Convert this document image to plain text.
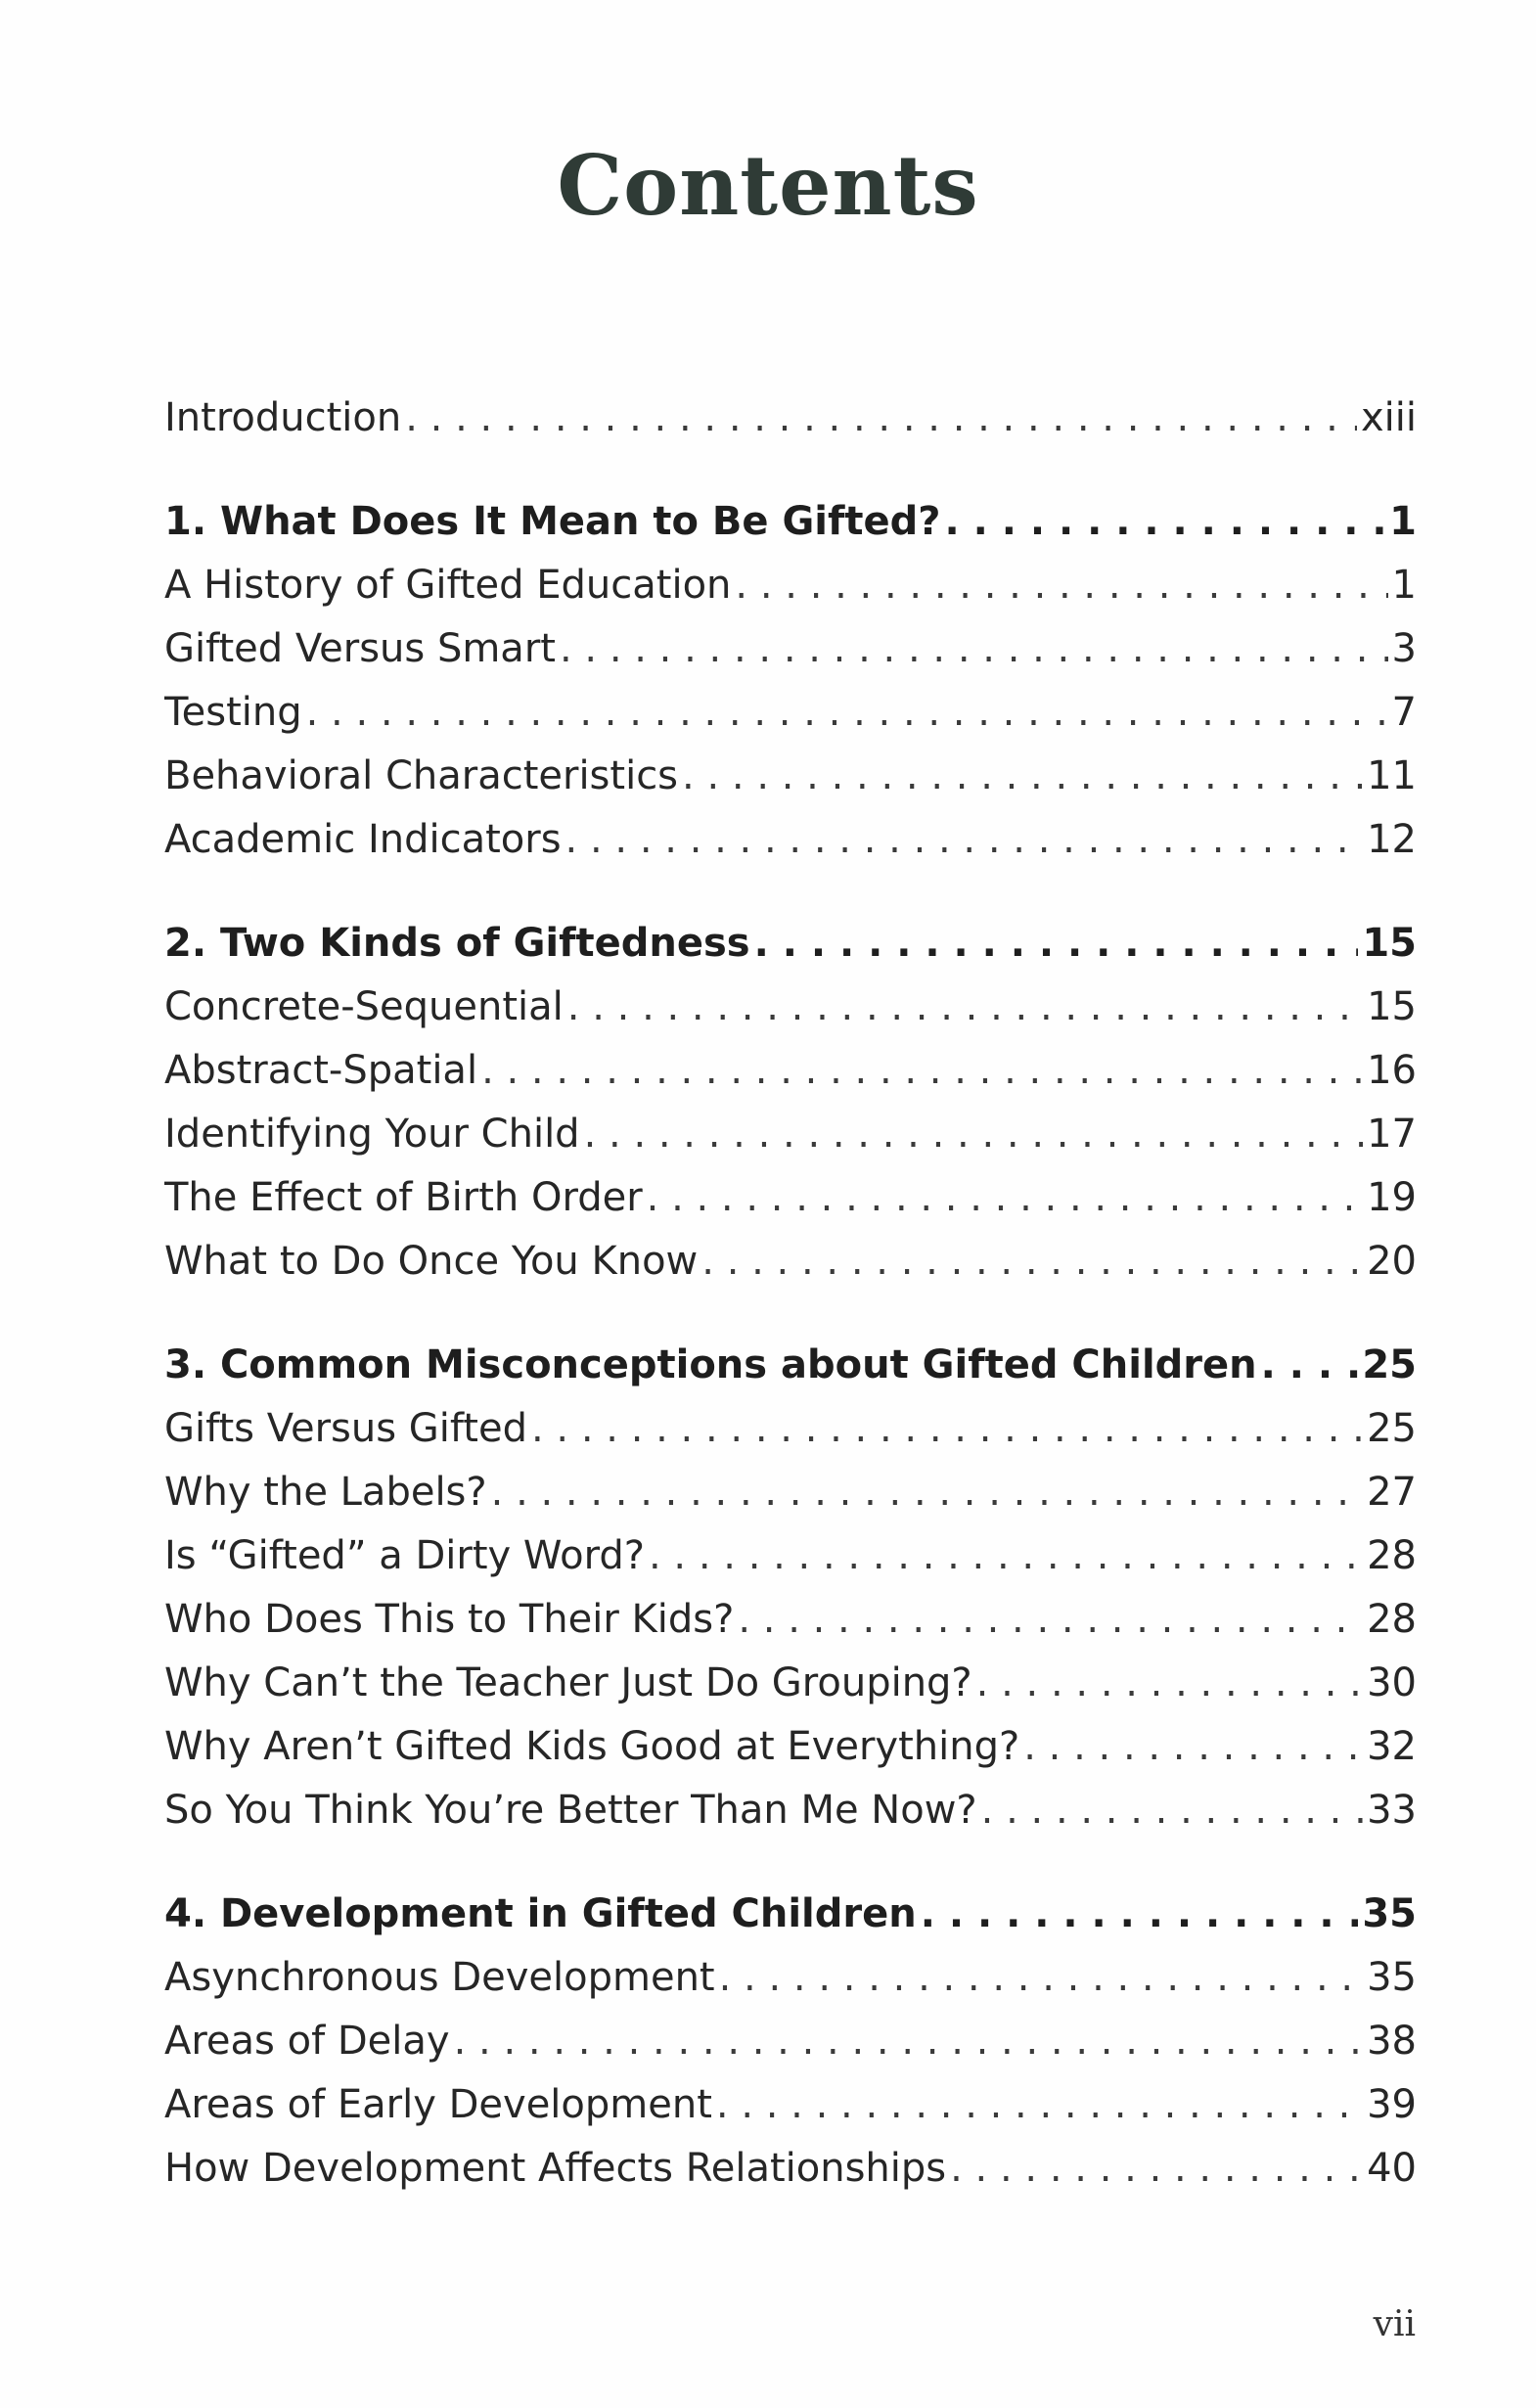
Contents
Introduction . . .	xiii
1. What Does It Mean to Be Gifted? . . .	1
A History of Gifted Education . . .	1
Gifted Versus Smart . . .	3
Testing . . .	7
Behavioral Characteristics . . .	11
Academic Indicators . . .	12
2. Two Kinds of Giftedness . . .	15
Concrete-Sequential . . .	15
Abstract-Spatial . . .	16
Identifying Your Child . . .	17
The Effect of Birth Order . . .	19
What to Do Once You Know . . .	20
3. Common Misconceptions about Gifted Children . . .	25
Gifts Versus Gifted . . .	25
Why the Labels? . . .	27
Is “Gifted” a Dirty Word? . . .	28
Who Does This to Their Kids? . . .	28
Why Can’t the Teacher Just Do Grouping? . . .	30
Why Aren’t Gifted Kids Good at Everything? . . .	32
So You Think You’re Better Than Me Now? . . .	33
4. Development in Gifted Children . . .	35
Asynchronous Development . . .	35
Areas of Delay . . .	38
Areas of Early Development . . .	39
How Development Affects Relationships . . .	40
vii
